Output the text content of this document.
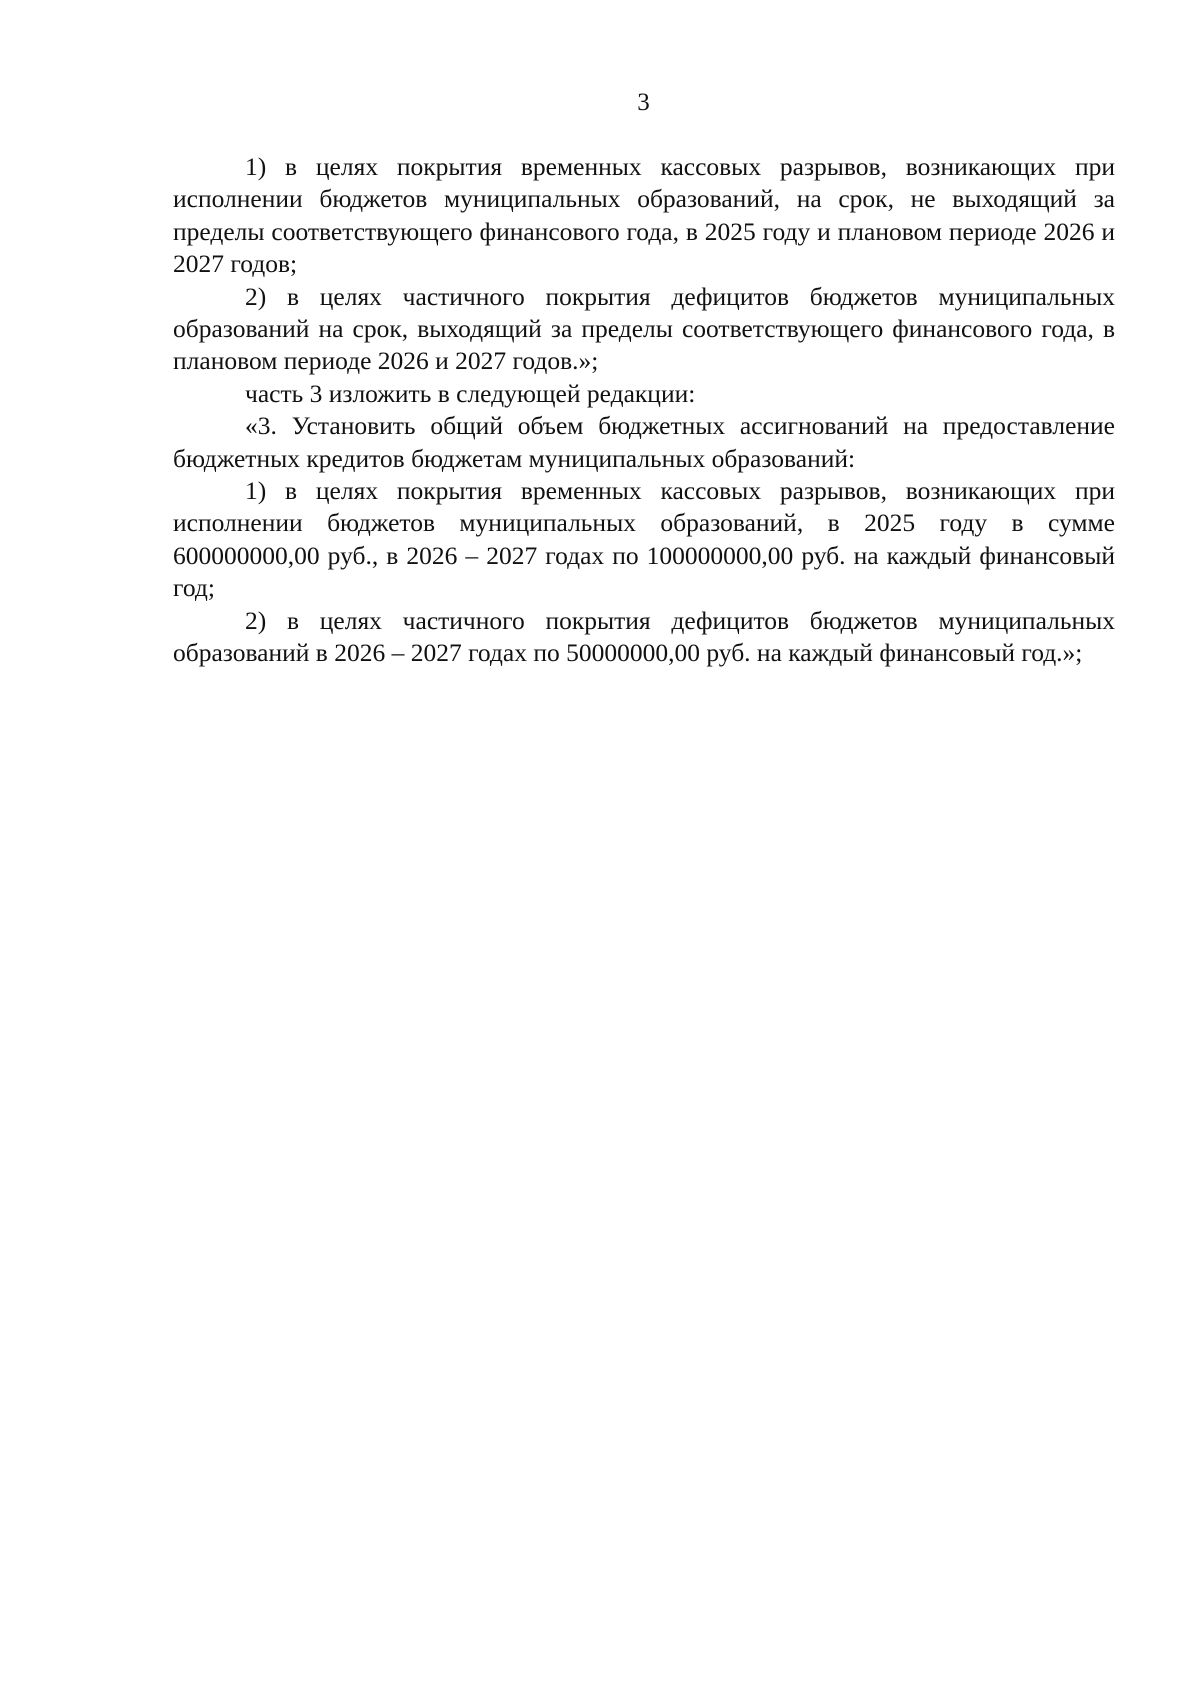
3

1) в целях покрытия временных кассовых разрывов, возникающих при исполнении бюджетов муниципальных образований, на срок, не выходящий за пределы соответствующего финансового года, в 2025 году и плановом периоде 2026 и 2027 годов;

2) в целях частичного покрытия дефицитов бюджетов муниципальных образований на срок, выходящий за пределы соответствующего финансового года, в плановом периоде 2026 и 2027 годов.»;

часть 3 изложить в следующей редакции:

«3. Установить общий объем бюджетных ассигнований на предоставление бюджетных кредитов бюджетам муниципальных образований:

1) в целях покрытия временных кассовых разрывов, возникающих при исполнении бюджетов муниципальных образований, в 2025 году в сумме 600000000,00 руб., в 2026 – 2027 годах по 100000000,00 руб. на каждый финансовый год;

2) в целях частичного покрытия дефицитов бюджетов муниципальных образований в 2026 – 2027 годах по 50000000,00 руб. на каждый финансовый год.»;
